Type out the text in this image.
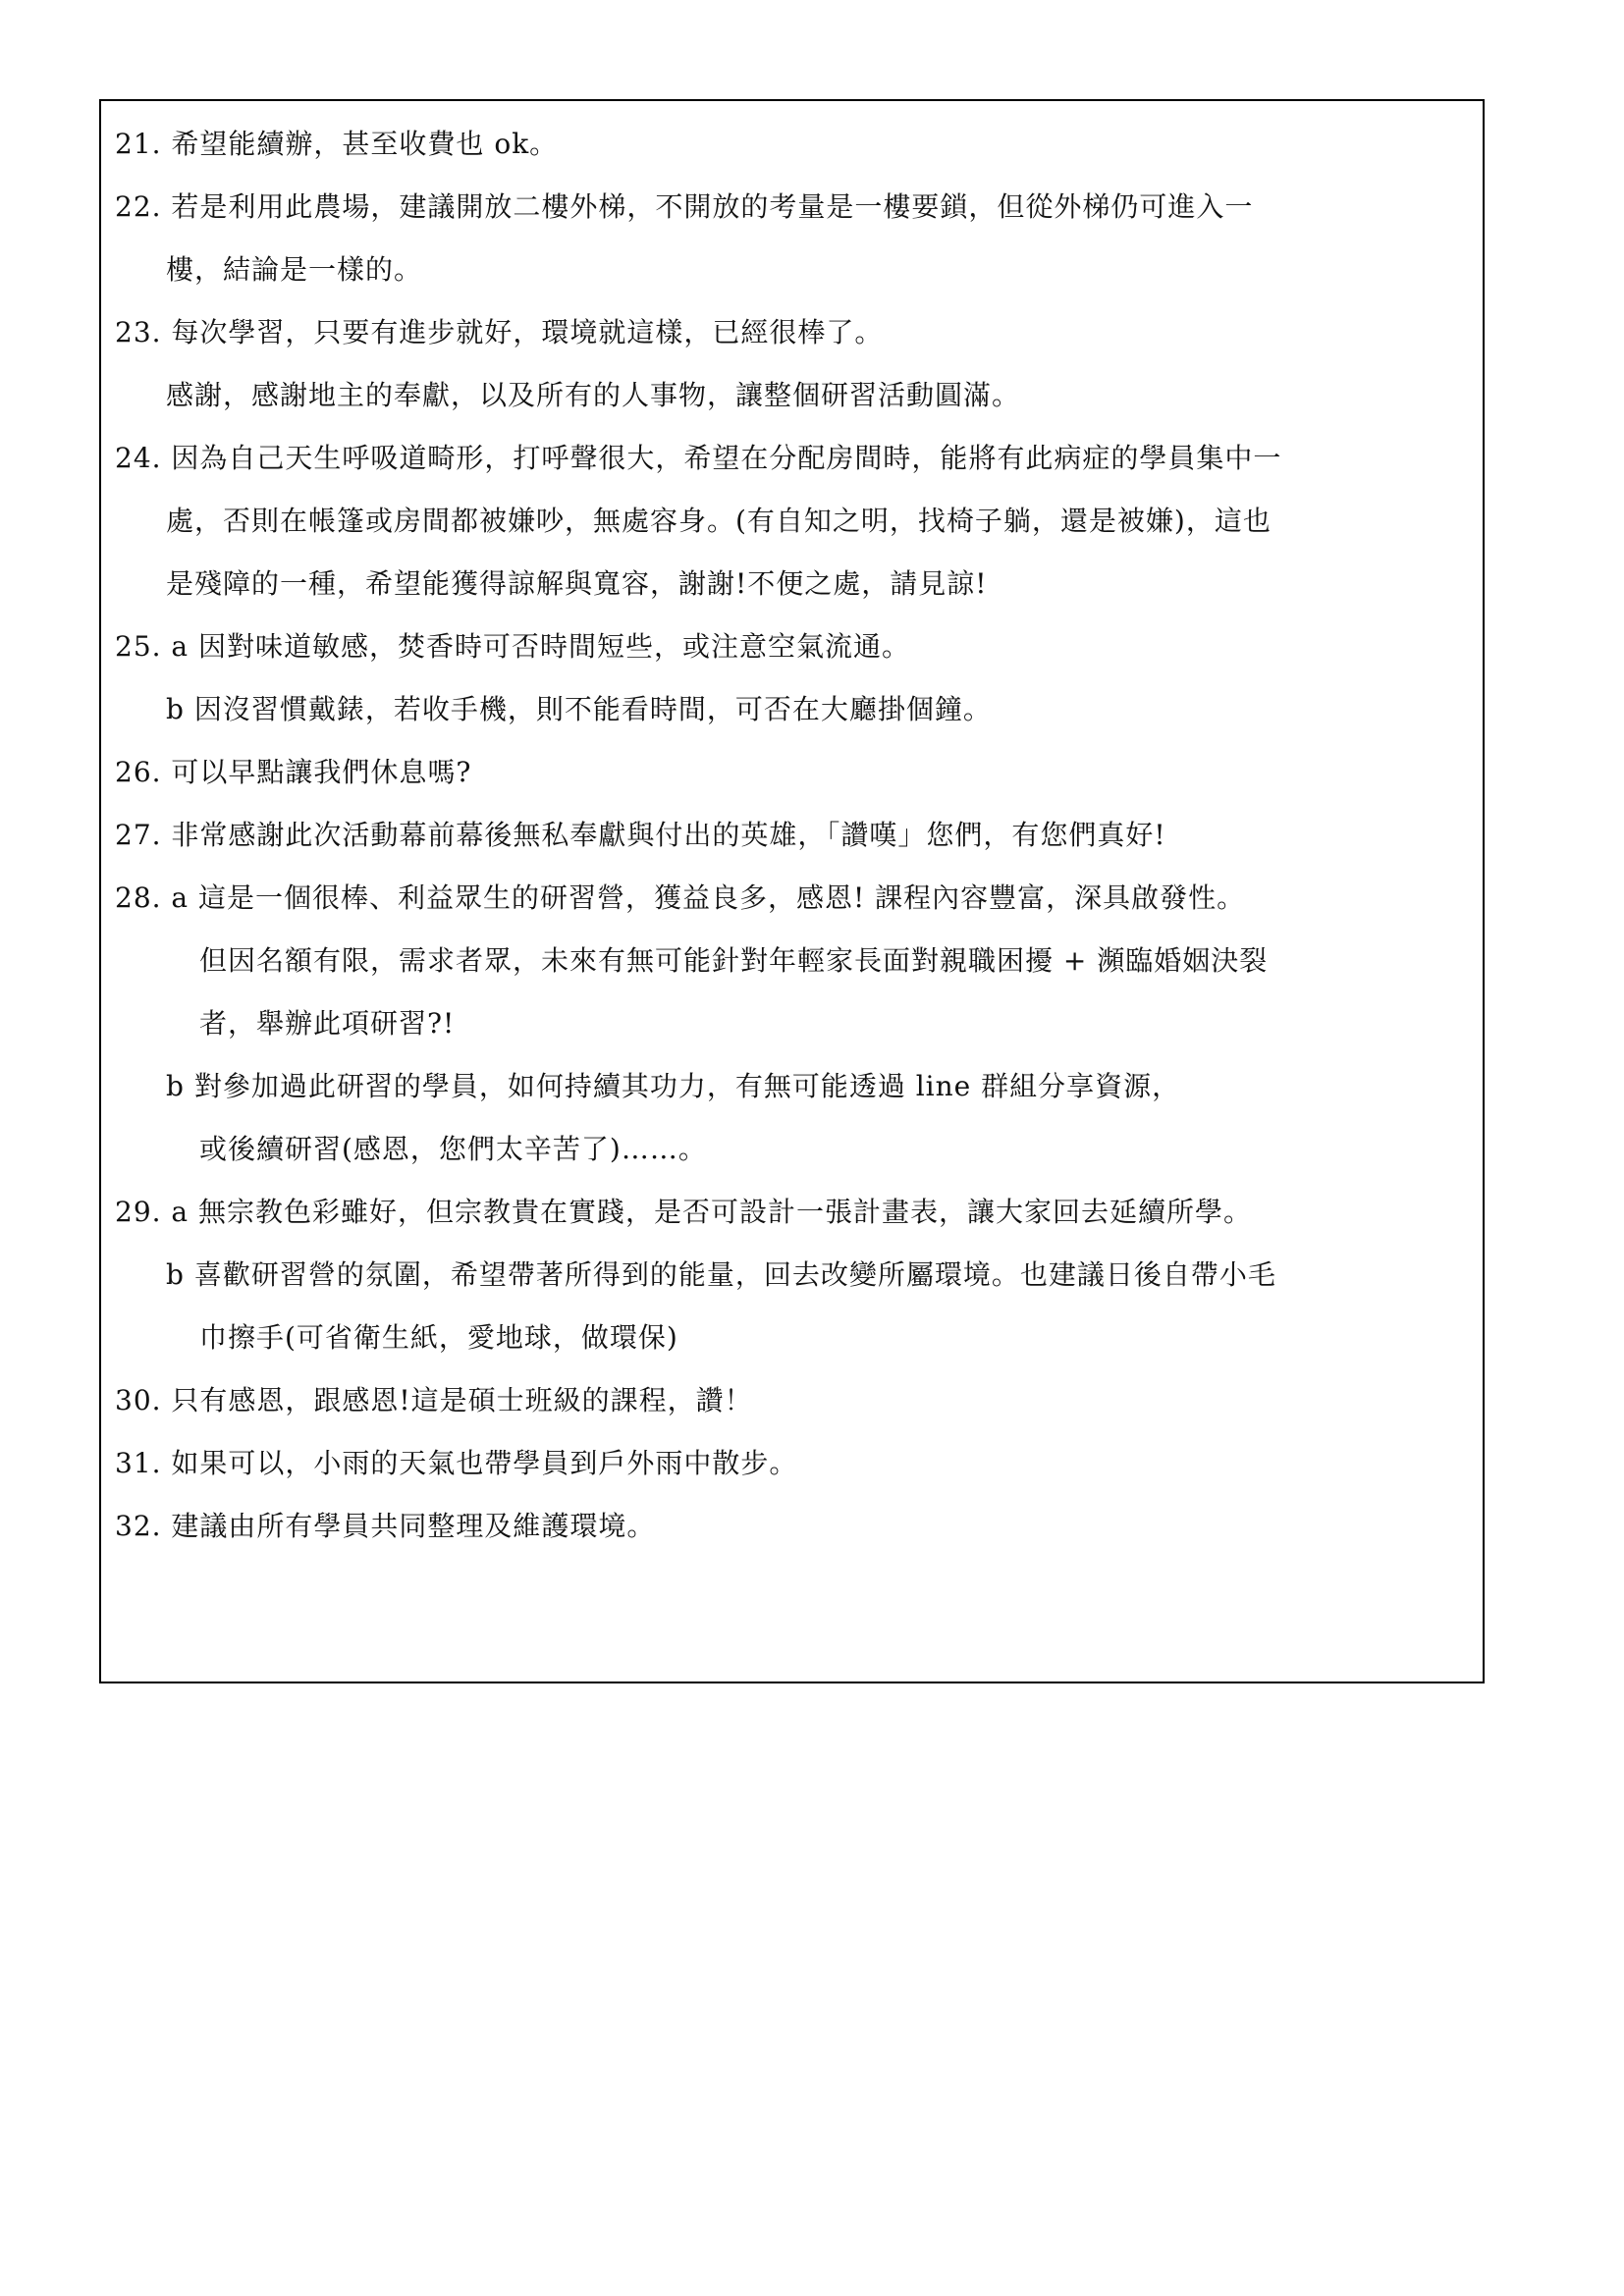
21. 希望能續辦，甚至收費也 ok。
22. 若是利用此農場，建議開放二樓外梯，不開放的考量是一樓要鎖，但從外梯仍可進入一
樓，結論是一樣的。
23. 每次學習，只要有進步就好，環境就這樣，已經很棒了。
感謝，感謝地主的奉獻，以及所有的人事物，讓整個研習活動圓滿。
24. 因為自己天生呼吸道畸形，打呼聲很大，希望在分配房間時，能將有此病症的學員集中一
處，否則在帳篷或房間都被嫌吵，無處容身。(有自知之明，找椅子躺，還是被嫌)，這也
是殘障的一種，希望能獲得諒解與寬容，謝謝!不便之處，請見諒!
25. a 因對味道敏感，焚香時可否時間短些，或注意空氣流通。
b 因沒習慣戴錶，若收手機，則不能看時間，可否在大廳掛個鐘。
26. 可以早點讓我們休息嗎?
27. 非常感謝此次活動幕前幕後無私奉獻與付出的英雄，「讚嘆」您們，有您們真好!
28. a 這是一個很棒、利益眾生的研習營，獲益良多，感恩! 課程內容豐富，深具啟發性。
但因名額有限，需求者眾，未來有無可能針對年輕家長面對親職困擾 + 瀕臨婚姻決裂
者，舉辦此項研習?!
b 對參加過此研習的學員，如何持續其功力，有無可能透過 line 群組分享資源，
或後續研習(感恩，您們太辛苦了)……。
29. a 無宗教色彩雖好，但宗教貴在實踐，是否可設計一張計畫表，讓大家回去延續所學。
b 喜歡研習營的氛圍，希望帶著所得到的能量，回去改變所屬環境。也建議日後自帶小毛
巾擦手(可省衛生紙，愛地球，做環保)
30. 只有感恩，跟感恩!這是碩士班級的課程，讚！
31. 如果可以，小雨的天氣也帶學員到戶外雨中散步。
32. 建議由所有學員共同整理及維護環境。
